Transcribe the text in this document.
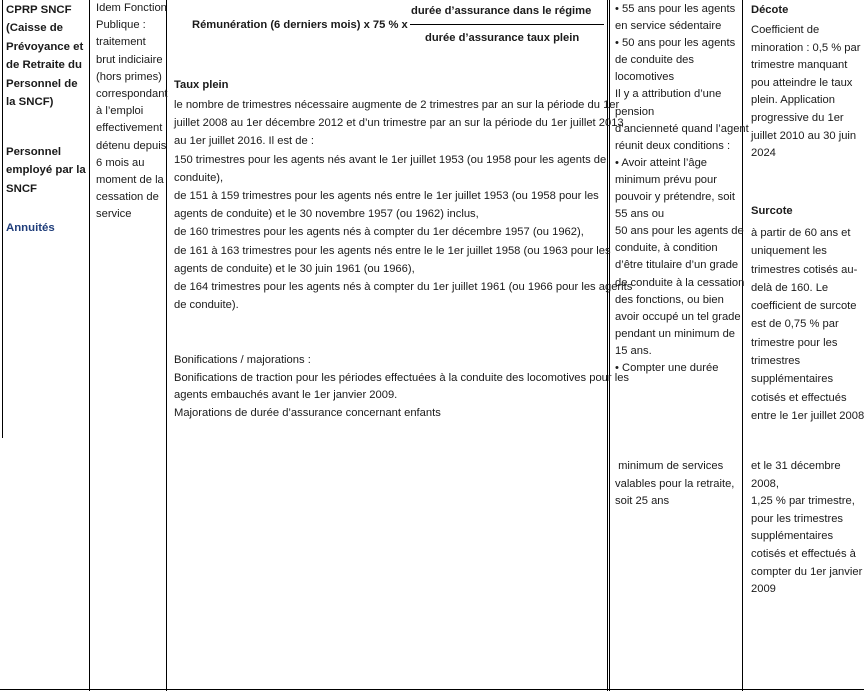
CPRP SNCF
(Caisse de
Prévoyance et
de Retraite du
Personnel de
la SNCF)
Personnel
employé par la
SNCF
Annuités
Idem Fonction
Publique :
traitement
brut indiciaire
(hors primes)
correspondant
à l’emploi
effectivement
détenu depuis
6 mois au
moment de la
cessation de
service
Rémunération (6 derniers mois) x 75 % x
durée d’assurance dans le régime
durée d’assurance taux plein
Taux plein

le nombre de trimestres nécessaire augmente de 2 trimestres par an sur la période du 1er

juillet 2008 au 1er décembre 2012 et d’un trimestre par an sur la période du 1er juillet 2013

au 1er juillet 2016. Il est de :

150 trimestres pour les agents nés avant le 1er juillet 1953 (ou 1958 pour les agents de

conduite),

de 151 à 159 trimestres pour les agents nés entre le 1er juillet 1953 (ou 1958 pour les

agents de conduite) et le 30 novembre 1957 (ou 1962) inclus,

de 160 trimestres pour les agents nés à compter du 1er décembre 1957 (ou 1962),

de 161 à 163 trimestres pour les agents nés entre le le 1er juillet 1958 (ou 1963 pour les

agents de conduite) et le 30 juin 1961 (ou 1966),

de 164 trimestres pour les agents nés à compter du 1er juillet 1961 (ou 1966 pour les agents

de conduite).

Bonifications / majorations :

Bonifications de traction pour les périodes effectuées à la conduite des locomotives pour les

agents embauchés avant le 1er janvier 2009.

Majorations de durée d’assurance concernant enfants

• 55 ans pour les agents
en service sédentaire
• 50 ans pour les agents
de conduite des
locomotives
Il y a attribution d’une
pension
d’ancienneté quand l’agent
réunit deux conditions :
• Avoir atteint l’âge
minimum prévu pour
pouvoir y prétendre, soit
55 ans ou
50 ans pour les agents de
conduite, à condition
d’être titulaire d’un grade
de conduite à la cessation
des fonctions, ou bien
avoir occupé un tel grade
pendant un minimum de
15 ans.
• Compter une durée
minimum de services
valables pour la retraite,
soit 25 ans
Décote
Coefficient de
minoration : 0,5 % par
trimestre manquant
pou atteindre le taux
plein. Application
progressive du 1er
juillet 2010 au 30 juin
2024
Surcote
à partir de 60 ans et
uniquement les
trimestres cotisés au-
delà de 160. Le
coefficient de surcote
est de 0,75 % par
trimestre pour les
trimestres
supplémentaires
cotisés et effectués
entre le 1er juillet 2008
et le 31 décembre
2008,
1,25 % par trimestre,
pour les trimestres
supplémentaires
cotisés et effectués à
compter du 1er janvier
2009
